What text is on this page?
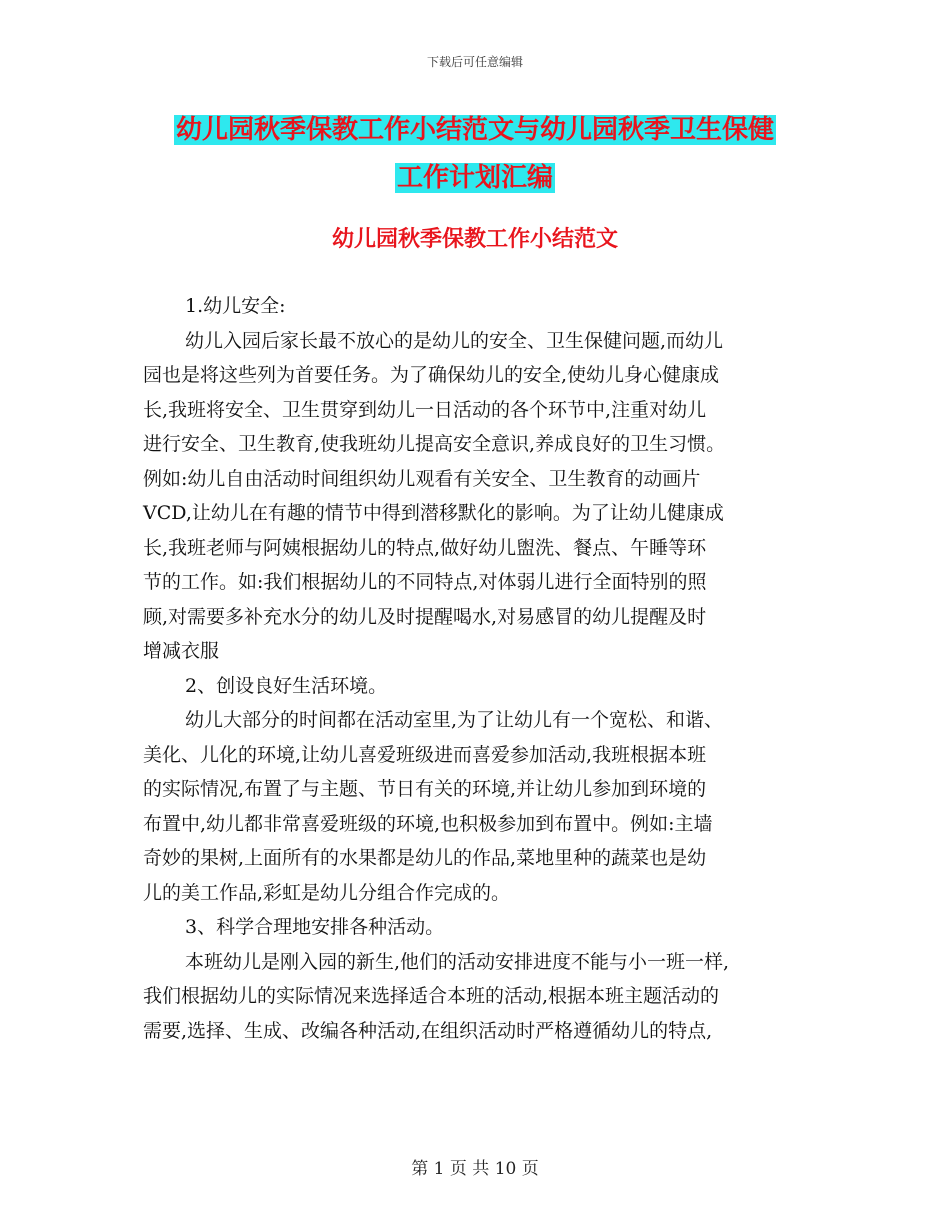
下载后可任意编辑
幼儿园秋季保教工作小结范文与幼儿园秋季卫生保健
工作计划汇编
幼儿园秋季保教工作小结范文
1.幼儿安全:
幼儿入园后家长最不放心的是幼儿的安全、卫生保健问题,而幼儿
园也是将这些列为首要任务。为了确保幼儿的安全,使幼儿身心健康成
长,我班将安全、卫生贯穿到幼儿一日活动的各个环节中,注重对幼儿
进行安全、卫生教育,使我班幼儿提高安全意识,养成良好的卫生习惯。
例如:幼儿自由活动时间组织幼儿观看有关安全、卫生教育的动画片
VCD,让幼儿在有趣的情节中得到潜移默化的影响。为了让幼儿健康成
长,我班老师与阿姨根据幼儿的特点,做好幼儿盥洗、餐点、午睡等环
节的工作。如:我们根据幼儿的不同特点,对体弱儿进行全面特别的照
顾,对需要多补充水分的幼儿及时提醒喝水,对易感冒的幼儿提醒及时
增减衣服
2、创设良好生活环境。
幼儿大部分的时间都在活动室里,为了让幼儿有一个宽松、和谐、
美化、儿化的环境,让幼儿喜爱班级进而喜爱参加活动,我班根据本班
的实际情况,布置了与主题、节日有关的环境,并让幼儿参加到环境的
布置中,幼儿都非常喜爱班级的环境,也积极参加到布置中。例如:主墙
奇妙的果树,上面所有的水果都是幼儿的作品,菜地里种的蔬菜也是幼
儿的美工作品,彩虹是幼儿分组合作完成的。
3、科学合理地安排各种活动。
本班幼儿是刚入园的新生,他们的活动安排进度不能与小一班一样,
我们根据幼儿的实际情况来选择适合本班的活动,根据本班主题活动的
需要,选择、生成、改编各种活动,在组织活动时严格遵循幼儿的特点,
第 1 页 共 10 页
